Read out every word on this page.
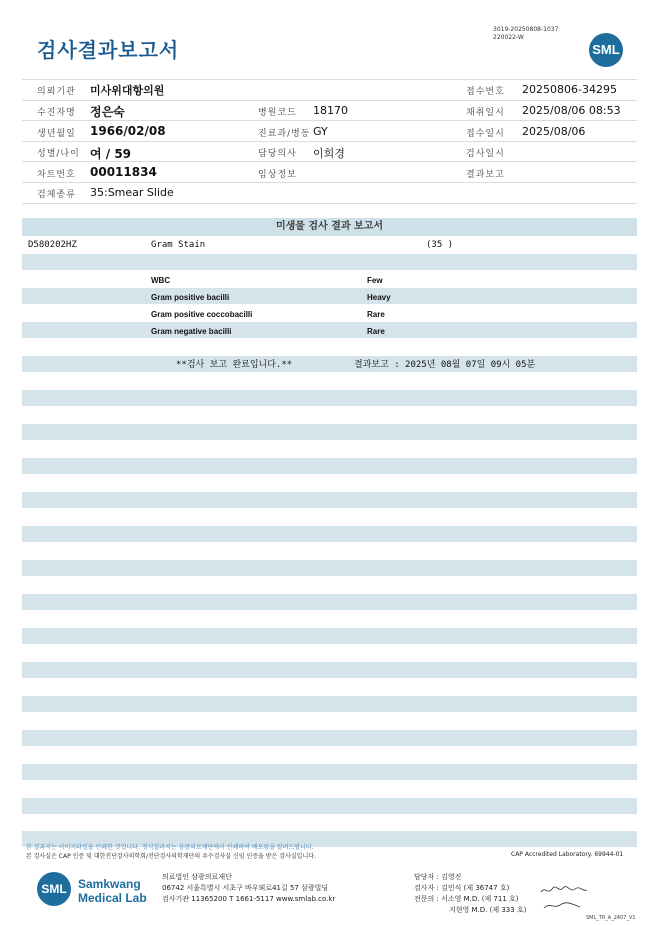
검사결과보고서
3019-20250808-1037
220022-W
SML
의뢰기관 미사위대항의원
수진자명 정은숙
생년월일 1966/02/08
성별/나이 여 / 59
차트번호 00011834
검체종류 35:Smear Slide
병원코드 18170
진료과/병동 GY
담당의사 이희경
임상정보
접수번호 20250806-34295
채취일시 2025/08/06 08:53
접수일시 2025/08/06
검사일시
결과보고
미생물 검사 결과 보고서
D580202HZ	Gram Stain	(35 )
WBC	Few
Gram positive bacilli	Heavy
Gram positive coccobacilli	Rare
Gram negative bacilli	Rare
**검사 보고 완료입니다.**	결과보고 : 2025년 08월 07일 09시 05분
본 결과지는 이미지파일을 인쇄한 것입니다. 정식결과지는 삼광의료재단에서 인쇄하여 배포됨을 알려드립니다.
본 검사실은 CAP 인증 및 대한진단검사의학회/진단검사의학재단의 우수검사실 신임 인증을 받은 검사실입니다.	CAP Accredited Laboratory. 69944-01
SML Samkwang
Medical Lab
의료법인 삼광의료재단
06742 서울특별시 서초구 바우뫼로41길 57 삼광빌딩
검사기관 11365200 T 1661-5117 www.smlab.co.kr
담당자 : 김영진
검사자 : 김민식 (제 36747 호)
전문의 : 서소영 M.D. (제 711 호)
지현영 M.D. (제 333 호)
SML_TR_A_2407_V1
